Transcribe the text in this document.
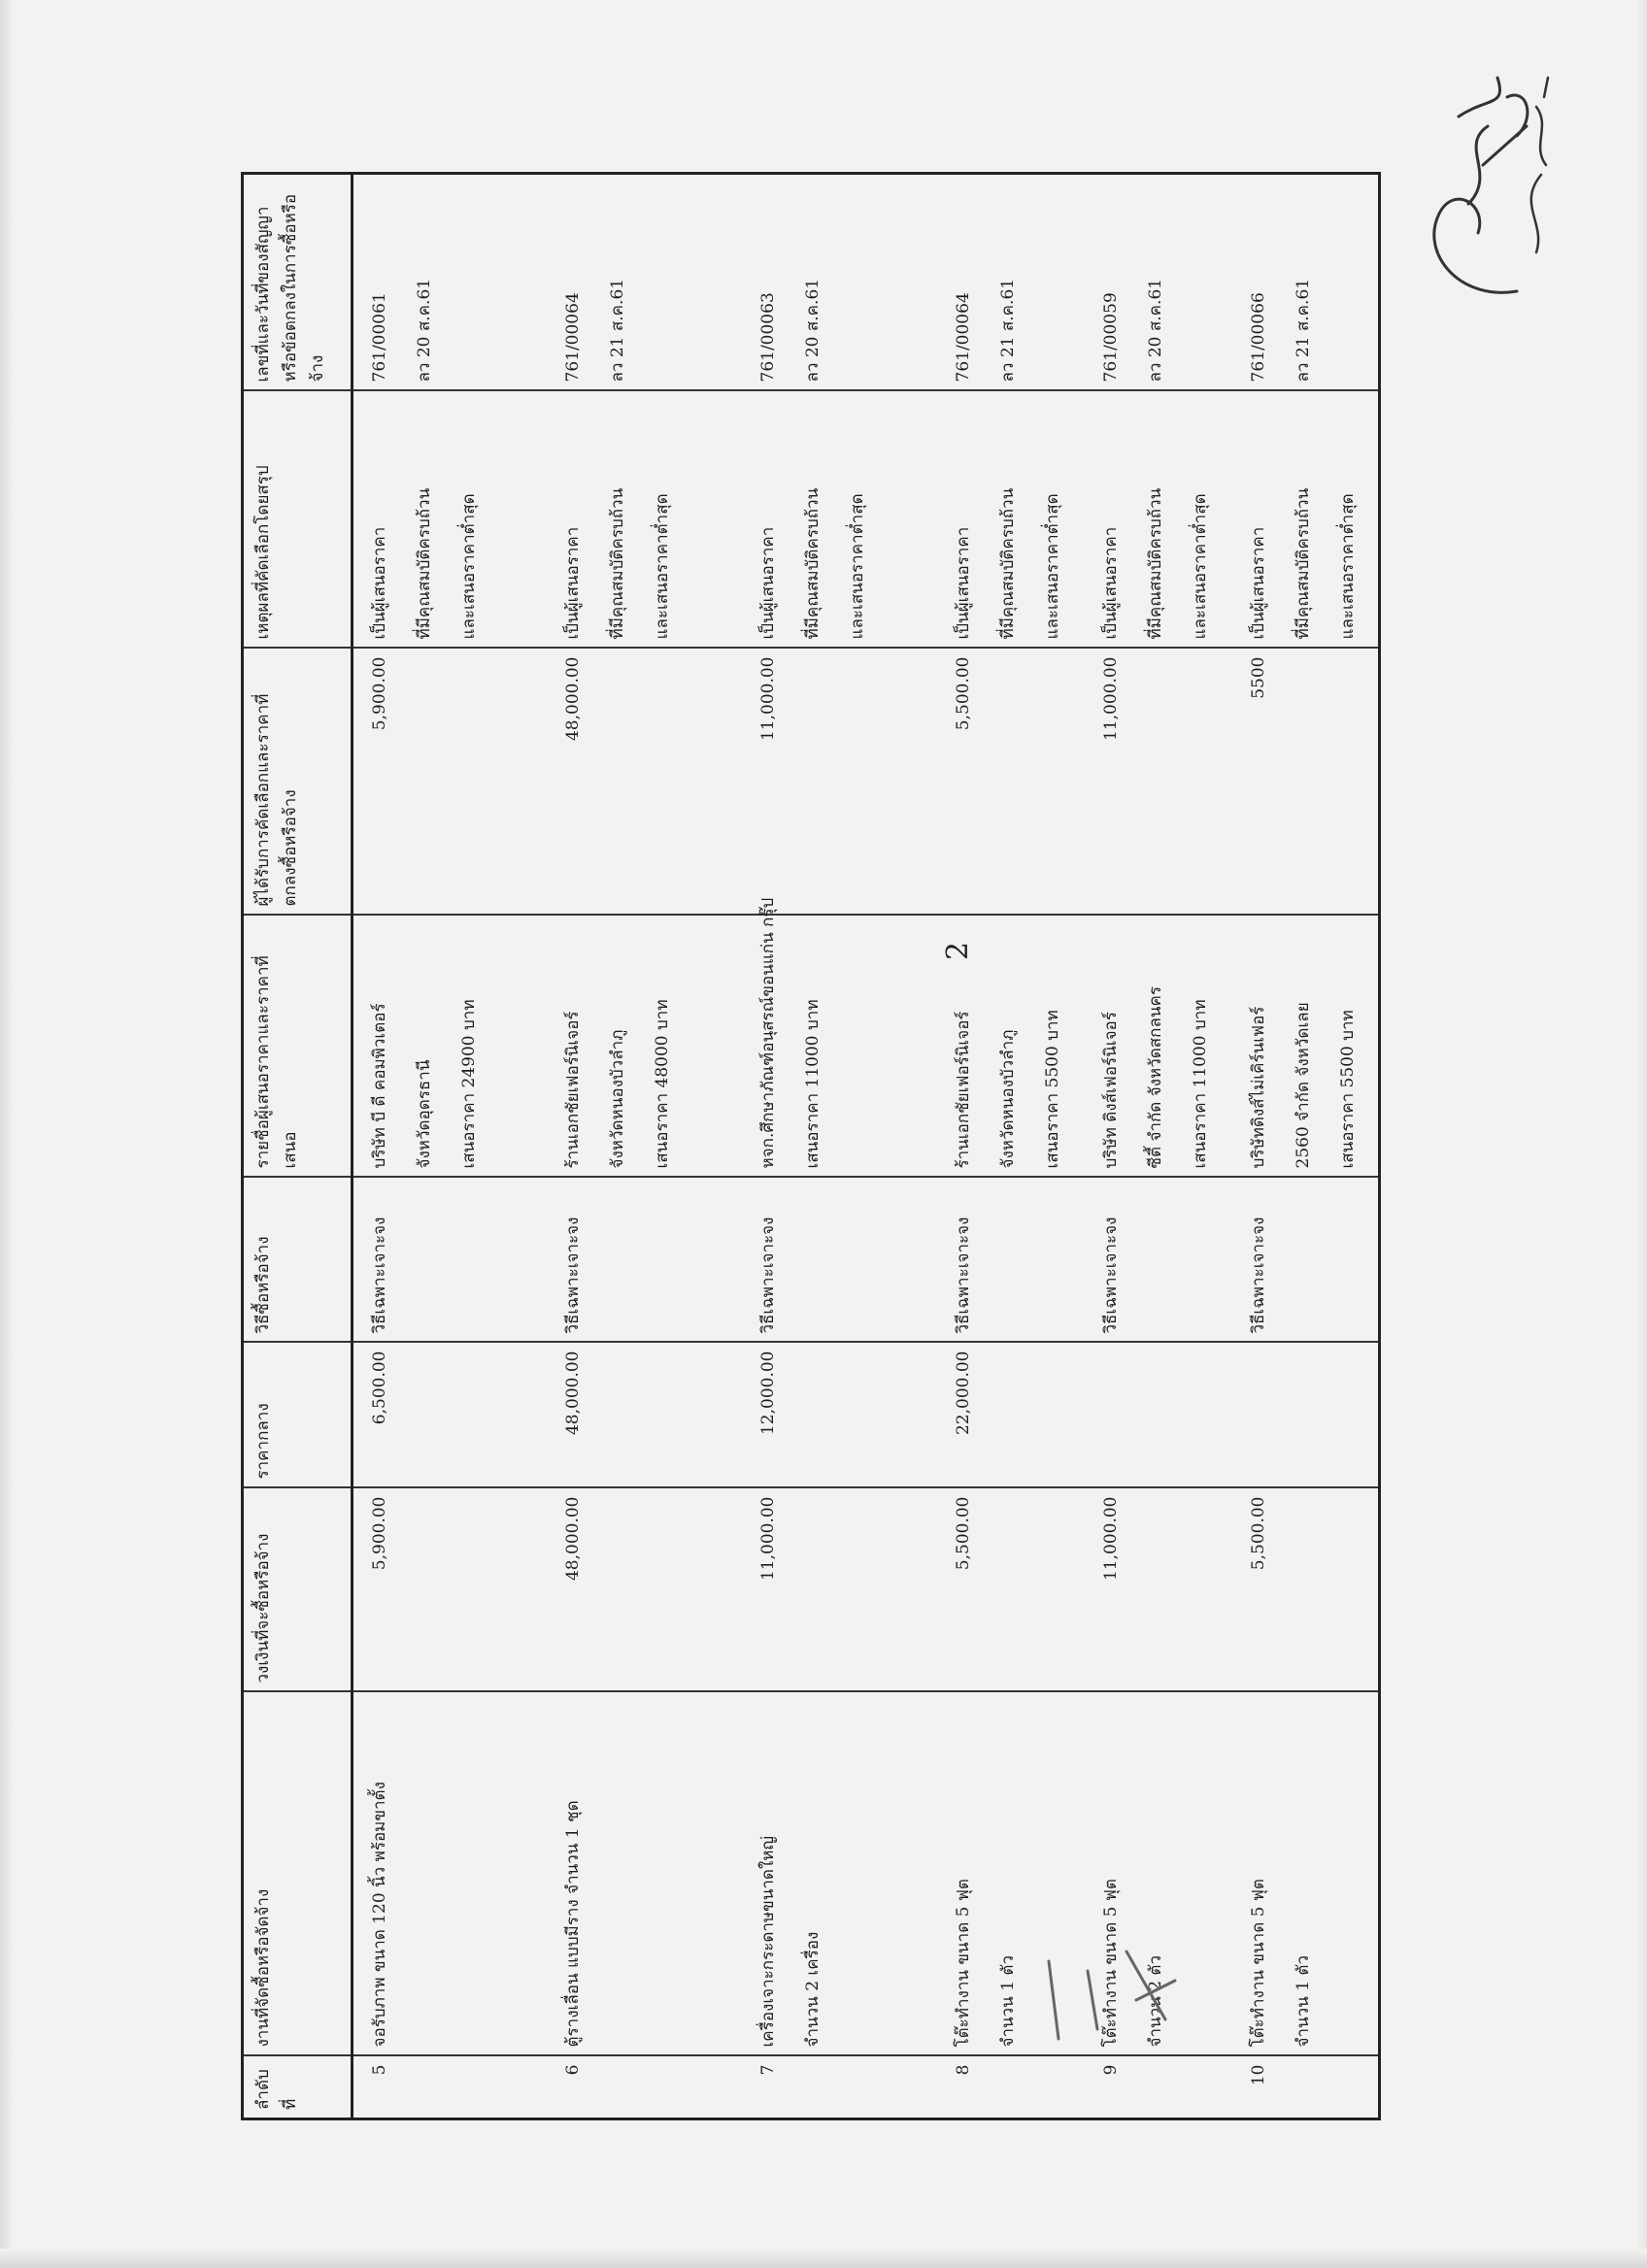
2
ลำดับที่	งานที่จัดซื้อหรือจัดจ้าง	วงเงินที่จะซื้อหรือจ้าง	ราคากลาง	วิธีซื้อหรือจ้าง	รายชื่อผู้เสนอราคาและราคาที่เสนอ	ผู้ได้รับการคัดเลือกและราคาที่ตกลงซื้อหรือจ้าง	เหตุผลที่คัดเลือกโดยสรุป	เลขที่และวันที่ของสัญญาหรือข้อตกลงในการซื้อหรือจ้าง
5	จอรับภาพ ขนาด 120 นิ้ว พร้อมขาตั้ง	5,900.00	6,500.00	วิธีเฉพาะเจาะจง	บริษัท บี ดี คอมพิวเตอร์ จังหวัดอุดรธานี เสนอราคา 24900 บาท	5,900.00	เป็นผู้เสนอราคา ที่มีคุณสมบัติครบถ้วน และเสนอราคาต่ำสุด	761/00061 ลว 20 ส.ค.61

6	ตู้รางเลื่อน แบบมีราง จำนวน 1 ชุด	48,000.00	48,000.00	วิธีเฉพาะเจาะจง	ร้านเอกชัยเฟอร์นิเจอร์ จังหวัดหนองบัวลำภู เสนอราคา 48000 บาท	48,000.00	เป็นผู้เสนอราคา ที่มีคุณสมบัติครบถ้วน และเสนอราคาต่ำสุด	761/00064 ลว 21 ส.ค.61

7	เครื่องเจาะกระดาษขนาดใหญ่ จำนวน 2 เครื่อง	11,000.00	12,000.00	วิธีเฉพาะเจาะจง	หจก.ศึกษาภัณฑ์อนุสรณ์ขอนแก่น กรุ๊ป เสนอราคา 11000 บาท	11,000.00	เป็นผู้เสนอราคา ที่มีคุณสมบัติครบถ้วน และเสนอราคาต่ำสุด	761/00063 ลว 20 ส.ค.61

8	โต๊ะทำงาน ขนาด 5 ฟุต จำนวน 1 ตัว	5,500.00	22,000.00	วิธีเฉพาะเจาะจง	ร้านเอกชัยเฟอร์นิเจอร์ จังหวัดหนองบัวลำภู เสนอราคา 5500 บาท	5,500.00	เป็นผู้เสนอราคา ที่มีคุณสมบัติครบถ้วน และเสนอราคาต่ำสุด	761/00064 ลว 21 ส.ค.61

9	โต๊ะทำงาน ขนาด 5 ฟุต จำนวน 2 ตัว	11,000.00		วิธีเฉพาะเจาะจง	บริษัท ดิงส์เฟอร์นิเจอร์ ซีตี้ จำกัด จังหวัดสกลนคร เสนอราคา 11000 บาท	11,000.00	เป็นผู้เสนอราคา ที่มีคุณสมบัติครบถ้วน และเสนอราคาต่ำสุด	761/00059 ลว 20 ส.ค.61

10	โต๊ะทำงาน ขนาด 5 ฟุต จำนวน 1 ตัว	5,500.00		วิธีเฉพาะเจาะจง	บริษัทดิงส์ไม่เคิร์นเฟอร์ 2560 จำกัด จังหวัดเลย เสนอราคา 5500 บาท	5500	เป็นผู้เสนอราคา ที่มีคุณสมบัติครบถ้วน และเสนอราคาต่ำสุด	761/00066 ลว 21 ส.ค.61
